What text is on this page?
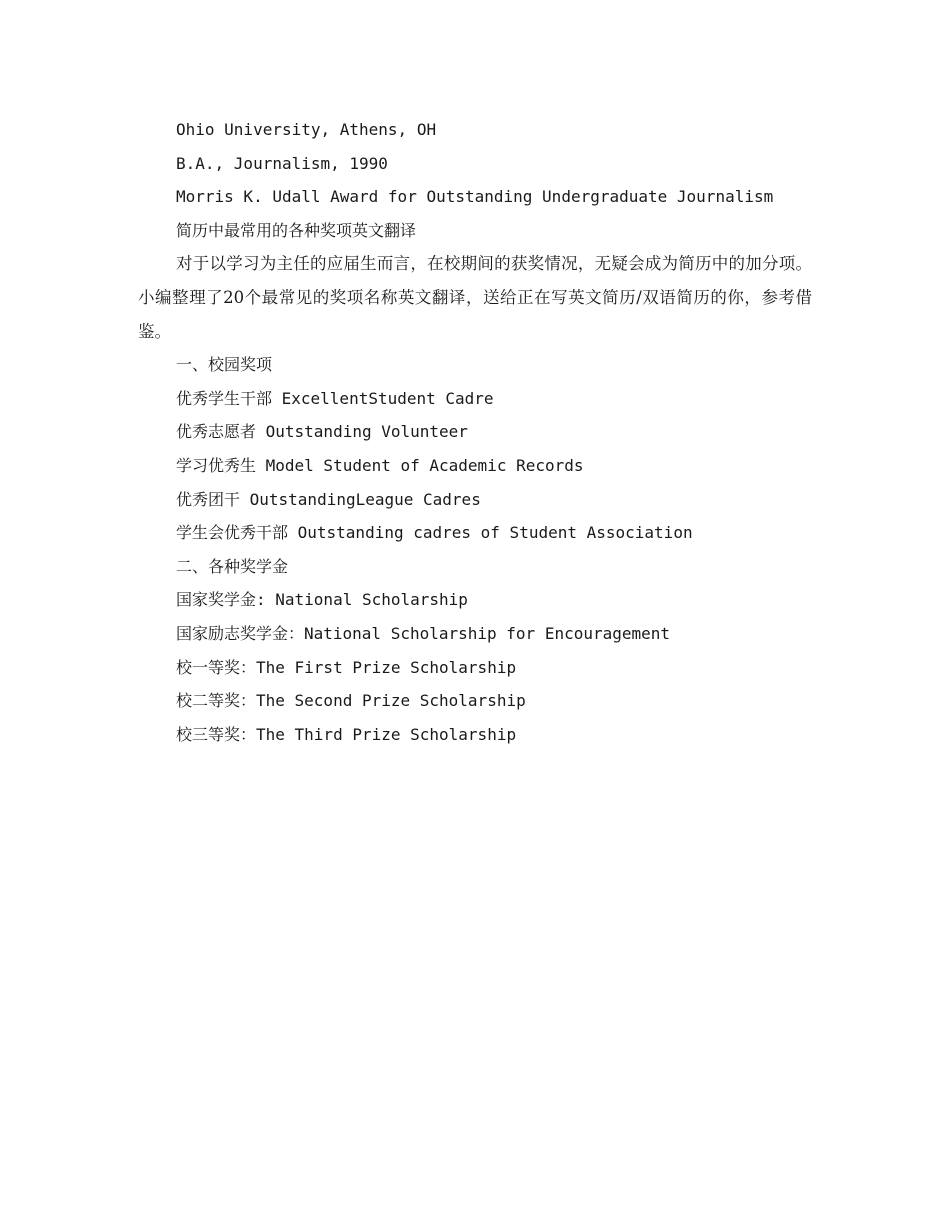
Ohio University, Athens, OH

B.A., Journalism, 1990

Morris K. Udall Award for Outstanding Undergraduate Journalism

简历中最常用的各种奖项英文翻译

对于以学习为主任的应届生而言，在校期间的获奖情况，无疑会成为简历中的加分项。小编整理了20个最常见的奖项名称英文翻译，送给正在写英文简历/双语简历的你，参考借鉴。

一、校园奖项

优秀学生干部 ExcellentStudent Cadre

优秀志愿者 Outstanding Volunteer

学习优秀生 Model Student of Academic Records

优秀团干 OutstandingLeague Cadres

学生会优秀干部 Outstanding cadres of Student Association

二、各种奖学金

国家奖学金: National Scholarship

国家励志奖学金：National Scholarship for Encouragement

校一等奖：The First Prize Scholarship

校二等奖：The Second Prize Scholarship

校三等奖：The Third Prize Scholarship
